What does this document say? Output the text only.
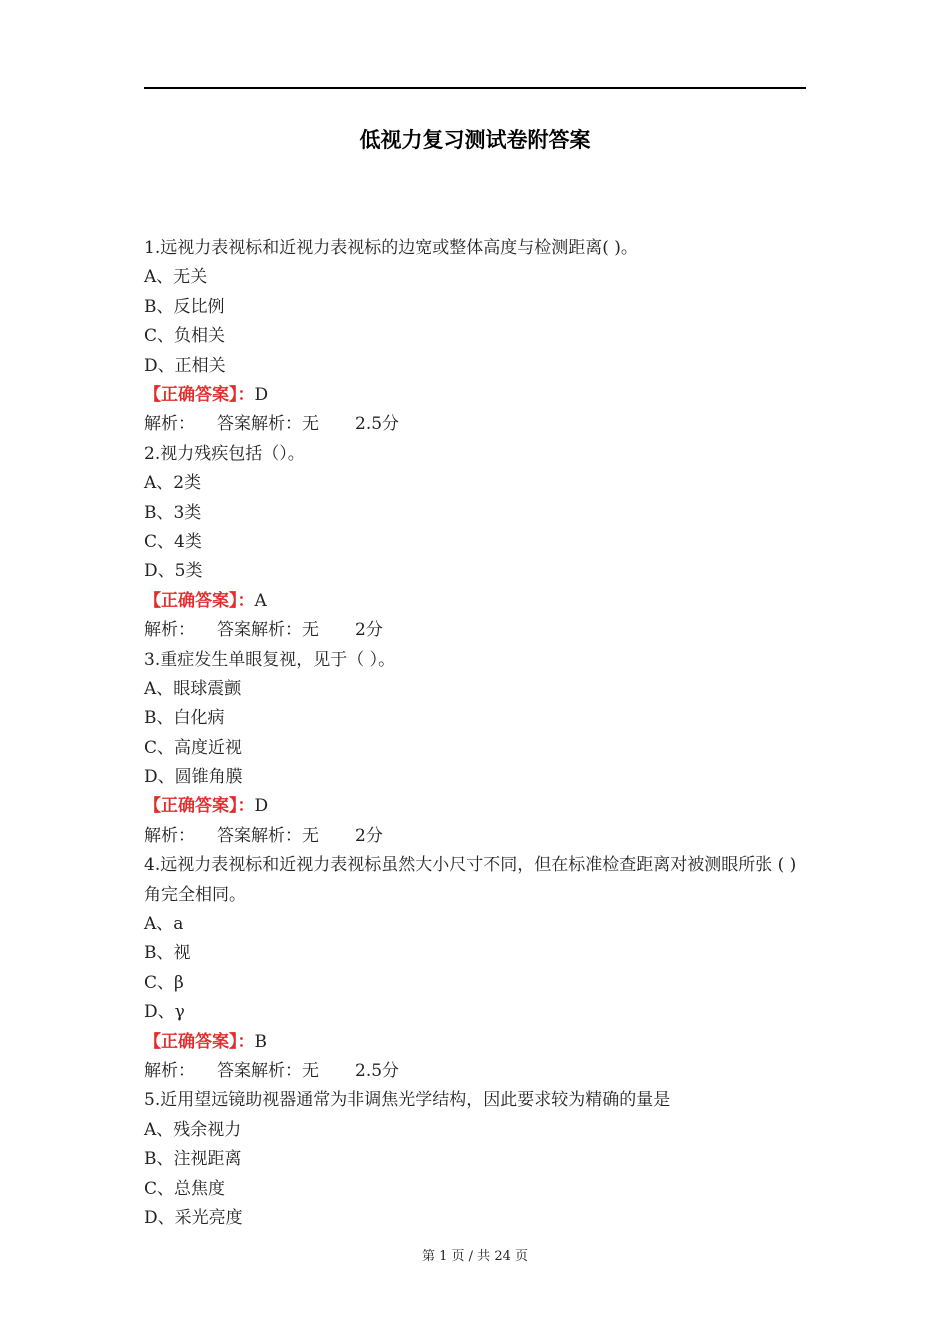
低视力复习测试卷附答案
1.远视力表视标和近视力表视标的边宽或整体高度与检测距离( )。
A、无关
B、反比例
C、负相关
D、正相关
【正确答案】：D
解析： 答案解析：无 2.5分
2.视力残疾包括（）。
A、2类
B、3类
C、4类
D、5类
【正确答案】：A
解析： 答案解析：无 2分
3.重症发生单眼复视，见于（ ）。
A、眼球震颤
B、白化病
C、高度近视
D、圆锥角膜
【正确答案】：D
解析： 答案解析：无 2分
4.远视力表视标和近视力表视标虽然大小尺寸不同，但在标准检查距离对被测眼所张 ( ) 角完全相同。
A、a
B、视
C、β
D、γ
【正确答案】：B
解析： 答案解析：无 2.5分
5.近用望远镜助视器通常为非调焦光学结构，因此要求较为精确的量是
A、残余视力
B、注视距离
C、总焦度
D、采光亮度
第 1 页 / 共 24 页
